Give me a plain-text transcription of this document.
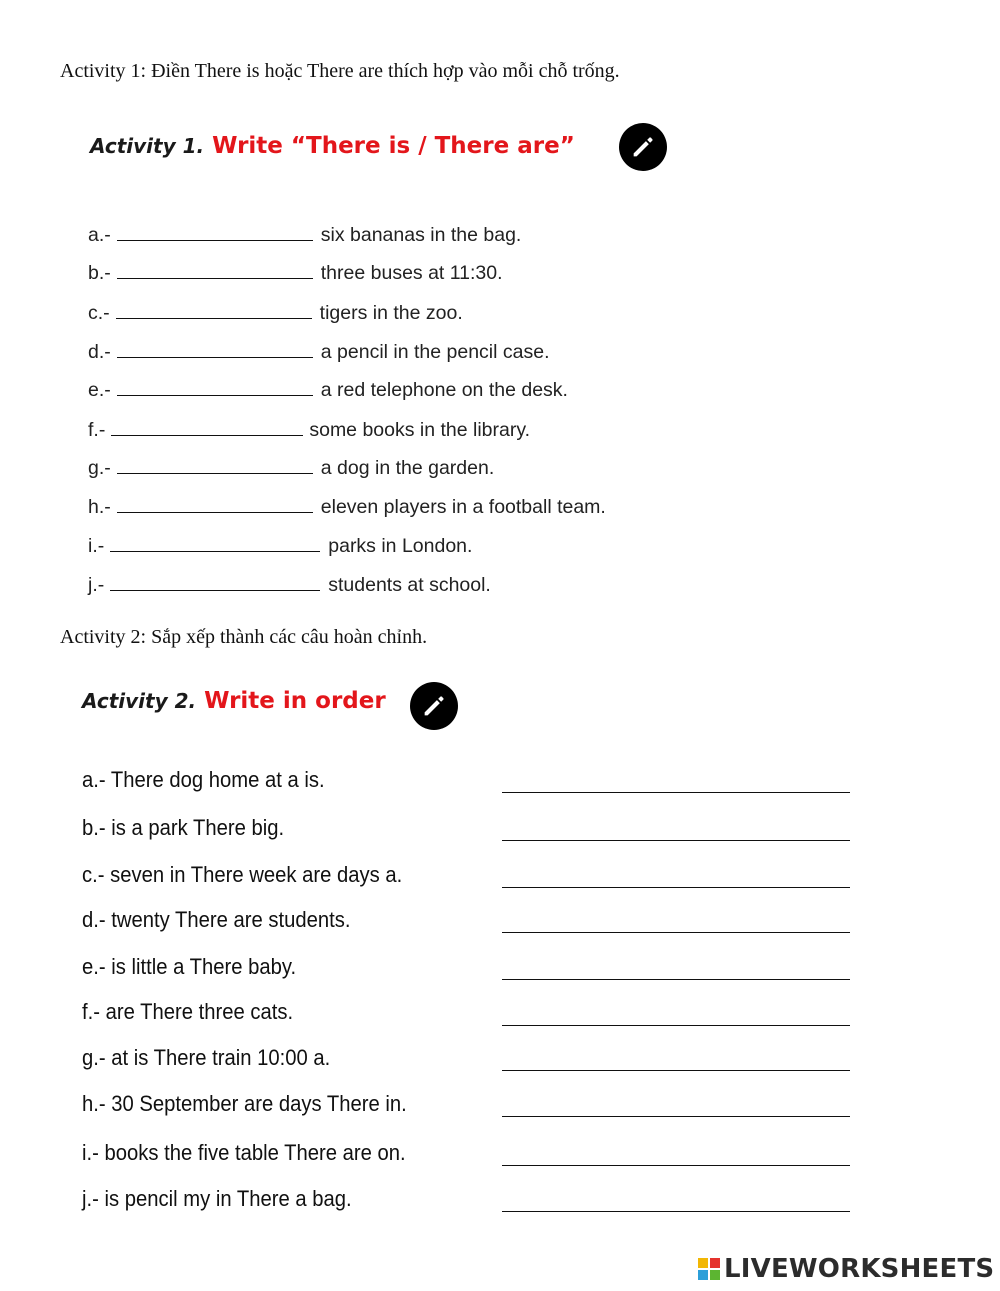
Activity 1: Điền There is hoặc There are thích hợp vào mỗi chỗ trống.
Activity 1. Write “There is / There are”
a.-	six bananas in the bag.
b.-	three buses at 11:30.
c.-	tigers in the zoo.
d.-	a pencil in the pencil case.
e.-	a red telephone on the desk.
f.-	some books in the library.
g.-	a dog in the garden.
h.-	eleven players in a football team.
i.-	parks in London.
j.-	students at school.
Activity 2: Sắp xếp thành các câu hoàn chỉnh.
Activity 2. Write in order
a.- There dog home at a is.
b.- is a park There big.
c.- seven in There week are days a.
d.- twenty There are students.
e.- is little a There baby.
f.- are There three cats.
g.- at is There train 10:00 a.
h.- 30 September are days There in.
i.- books the five table There are on.
j.- is pencil my in There a bag.
LIVEWORKSHEETS
